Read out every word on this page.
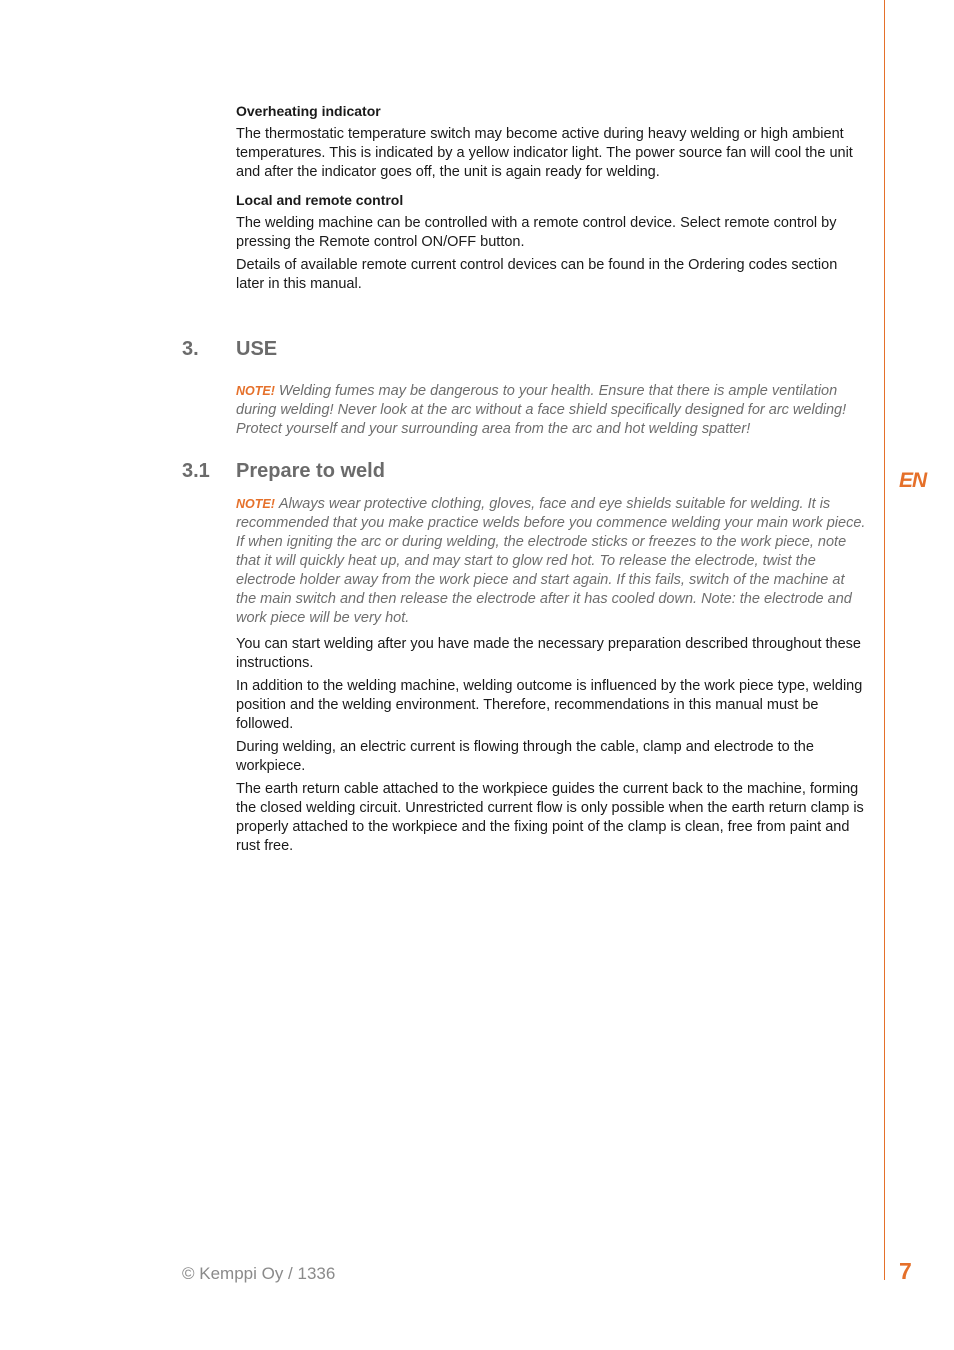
Overheating indicator

The thermostatic temperature switch may become active during heavy welding or high ambient temperatures. This is indicated by a yellow indicator light. The power source fan will cool the unit and after the indicator goes off, the unit is again ready for welding.

Local and remote control

The welding machine can be controlled with a remote control device. Select remote control by pressing the Remote control ON/OFF button.

Details of available remote current control devices can be found in the Ordering codes section later in this manual.

3. USE

NOTE! Welding fumes may be dangerous to your health. Ensure that there is ample ventilation during welding! Never look at the arc without a face shield specifically designed for arc welding! Protect yourself and your surrounding area from the arc and hot welding spatter!

3.1 Prepare to weld

NOTE! Always wear protective clothing, gloves, face and eye shields suitable for welding. It is recommended that you make practice welds before you commence welding your main work piece. If when igniting the arc or during welding, the electrode sticks or freezes to the work piece, note that it will quickly heat up, and may start to glow red hot. To release the electrode, twist the electrode holder away from the work piece and start again. If this fails, switch of the machine at the main switch and then release the electrode after it has cooled down. Note: the electrode and work piece will be very hot.

You can start welding after you have made the necessary preparation described throughout these instructions.

In addition to the welding machine, welding outcome is influenced by the work piece type, welding position and the welding environment. Therefore, recommendations in this manual must be followed.

During welding, an electric current is flowing through the cable, clamp and electrode to the workpiece.

The earth return cable attached to the workpiece guides the current back to the machine, forming the closed welding circuit. Unrestricted current flow is only possible when the earth return clamp is properly attached to the workpiece and the fixing point of the clamp is clean, free from paint and rust free.

EN
© Kemppi Oy / 1336	7
